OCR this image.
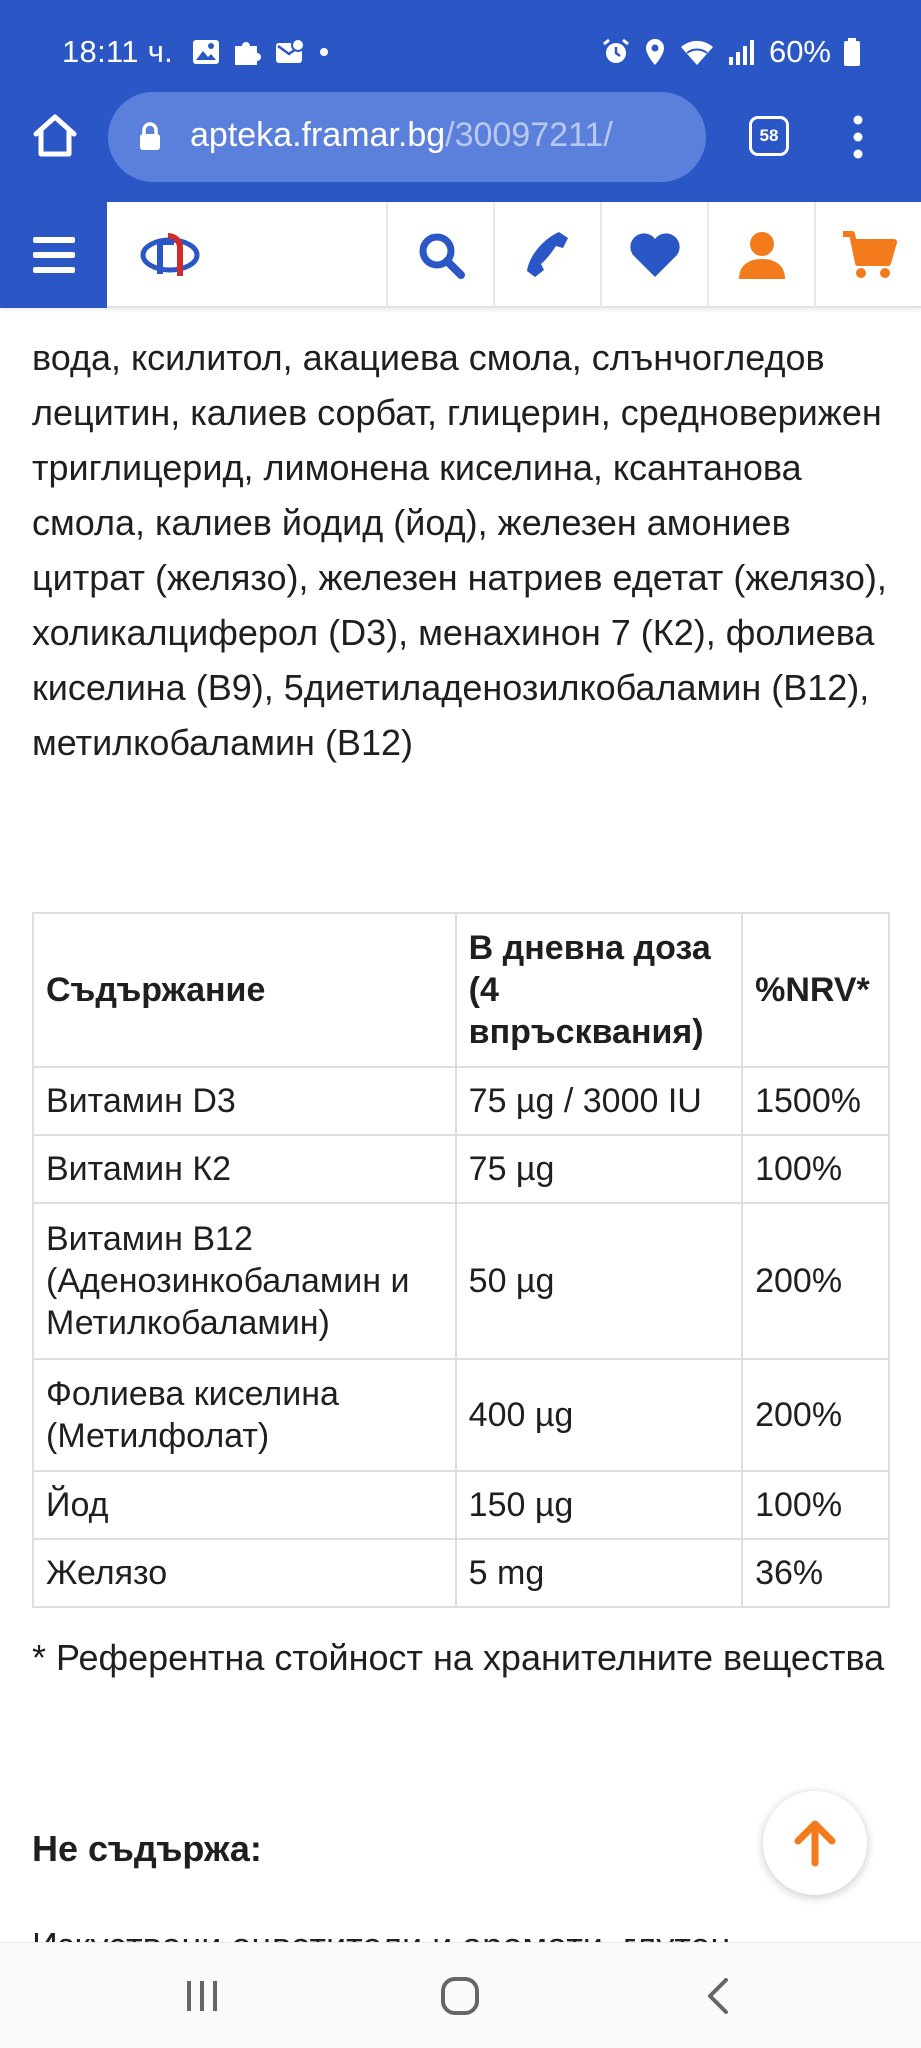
18:11 ч.	60%
apteka.framar.bg/30097211/	58

вода, ксилитол, акациева смола, слънчогледов лецитин, калиев сорбат, глицерин, средноверижен триглицерид, лимонена киселина, ксантанова смола, калиев йодид (йод), железен амониев цитрат (желязо), железен натриев едетат (желязо), холикалциферол (D3), менахинон 7 (К2), фолиева киселина (B9), 5диетиладенозилкобаламин (B12), метилкобаламин (B12)

Съдържание	В дневна доза (4 впръсквания)	%NRV*
Витамин D3	75 µg / 3000 IU	1500%
Витамин К2	75 µg	100%
Витамин В12 (Аденозинкобаламин и Метилкобаламин)	50 µg	200%
Фолиева киселина (Метилфолат)	400 µg	200%
Йод	150 µg	100%
Желязо	5 mg	36%

* Референтна стойност на хранителните вещества

Не съдържа:
